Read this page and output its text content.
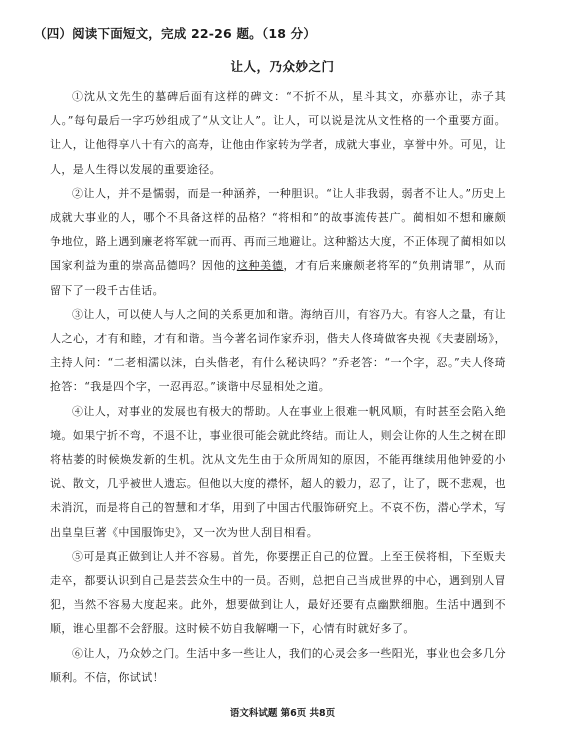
（四）阅读下面短文，完成 22-26 题。（18 分）
让人，乃众妙之门

①沈从文先生的墓碑后面有这样的碑文：“不折不从，星斗其文，亦慕亦让，赤子其人。”每句最后一字巧妙组成了“从文让人”。让人，可以说是沈从文性格的一个重要方面。让人，让他得享八十有六的高寿，让他由作家转为学者，成就大事业，享誉中外。可见，让人，是人生得以发展的重要途径。

②让人，并不是懦弱，而是一种涵养，一种胆识。“让人非我弱，弱者不让人。”历史上成就大事业的人，哪个不具备这样的品格？“将相和”的故事流传甚广。蔺相如不想和廉颇争地位，路上遇到廉老将军就一而再、再而三地避让。这种豁达大度，不正体现了蔺相如以国家利益为重的崇高品德吗？因他的这种美德，才有后来廉颇老将军的“负荆请罪”，从而留下了一段千古佳话。

③让人，可以使人与人之间的关系更加和谐。海纳百川，有容乃大。有容人之量，有让人之心，才有和睦，才有和谐。当今著名词作家乔羽，偕夫人佟琦做客央视《夫妻剧场》，主持人问：“二老相濡以沫，白头偕老，有什么秘诀吗？”乔老答：“一个字，忍。”夫人佟琦抢答：“我是四个字，一忍再忍。”谈谐中尽显相处之道。

④让人，对事业的发展也有极大的帮助。人在事业上很难一帆风顺，有时甚至会陷入绝境。如果宁折不弯，不退不让，事业很可能会就此终结。而让人，则会让你的人生之树在即将枯萎的时候焕发新的生机。沈从文先生由于众所周知的原因，不能再继续用他钟爱的小说、散文，几乎被世人遗忘。但他以大度的襟怀，超人的毅力，忍了，让了，既不悲观，也未消沉，而是将自己的智慧和才华，用到了中国古代服饰研究上。不哀不伤，潜心学术，写出皇皇巨著《中国服饰史》，又一次为世人刮目相看。

⑤可是真正做到让人并不容易。首先，你要摆正自己的位置。上至王侯将相，下至贩夫走卒，都要认识到自己是芸芸众生中的一员。否则，总把自己当成世界的中心，遇到别人冒犯，当然不容易大度起来。此外，想要做到让人，最好还要有点幽默细胞。生活中遇到不顺，谁心里都不会舒服。这时候不妨自我解嘲一下，心情有时就好多了。

⑥让人，乃众妙之门。生活中多一些让人，我们的心灵会多一些阳光，事业也会多几分顺利。不信，你试试！

语文科试题 第6页 共8页
